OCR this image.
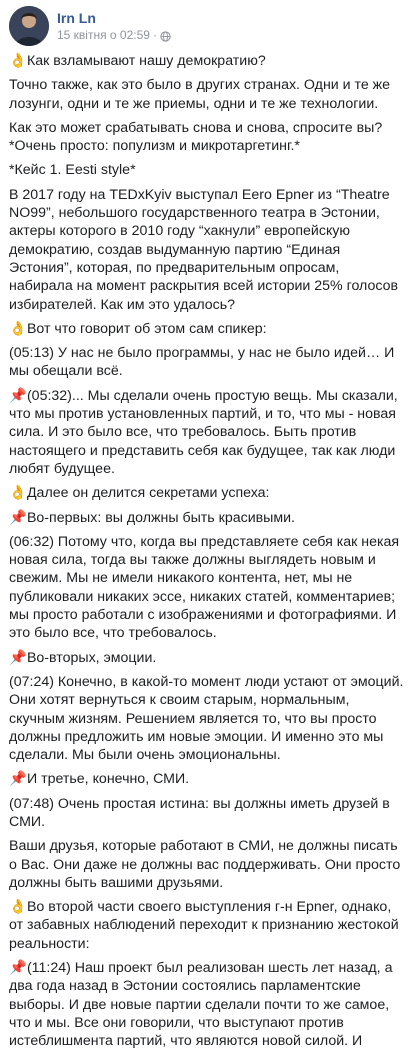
Irn Ln
15 квітня о 02:59 ·

👌 Как взламывают нашу демократию?

Точно также, как это было в других странах. Одни и те же лозунги, одни и те же приемы, одни и те же технологии.

Как это может срабатывать снова и снова, спросите вы?
*Очень просто: популизм и микротаргетинг.*

*Кейс 1. Eesti style*

В 2017 году на TEDxKyiv выступал Eero Epner из “Theatre NO99”, небольшого государственного театра в Эстонии, актеры которого в 2010 году “хакнули” европейскую демократию, создав выдуманную партию “Единая Эстония”, которая, по предварительным опросам, набирала на момент раскрытия всей истории 25% голосов избирателей. Как им это удалось?

👌 Вот что говорит об этом сам спикер:

(05:13) У нас не было программы, у нас не было идей… И мы обещали всё.

📌 (05:32)... Мы сделали очень простую вещь. Мы сказали, что мы против установленных партий, и то, что мы - новая сила. И это было все, что требовалось. Быть против настоящего и представить себя как будущее, так как люди любят будущее.

👌 Далее он делится секретами успеха:

📌 Во-первых: вы должны быть красивыми.

(06:32) Потому что, когда вы представляете себя как некая новая сила, тогда вы также должны выглядеть новым и свежим. Мы не имели никакого контента, нет, мы не публиковали никаких эссе, никаких статей, комментариев; мы просто работали с изображениями и фотографиями. И это было все, что требовалось.

📌 Во-вторых, эмоции.

(07:24) Конечно, в какой-то момент люди устают от эмоций. Они хотят вернуться к своим старым, нормальным, скучным жизням. Решением является то, что вы просто должны предложить им новые эмоции. И именно это мы сделали. Мы были очень эмоциональны.

📌 И третье, конечно, СМИ.

(07:48) Очень простая истина: вы должны иметь друзей в СМИ.

Ваши друзья, которые работают в СМИ, не должны писать о Вас. Они даже не должны вас поддерживать. Они просто должны быть вашими друзьями.

👌 Во второй части своего выступления г-н Epner, однако, от забавных наблюдений переходит к признанию жестокой реальности:

📌 (11:24) Наш проект был реализован шесть лет назад, а два года назад в Эстонии состоялись парламентские выборы. И две новые партии сделали почти то же самое, что и мы. Все они говорили, что выступают против истеблишмента партий, что являются новой силой. И
